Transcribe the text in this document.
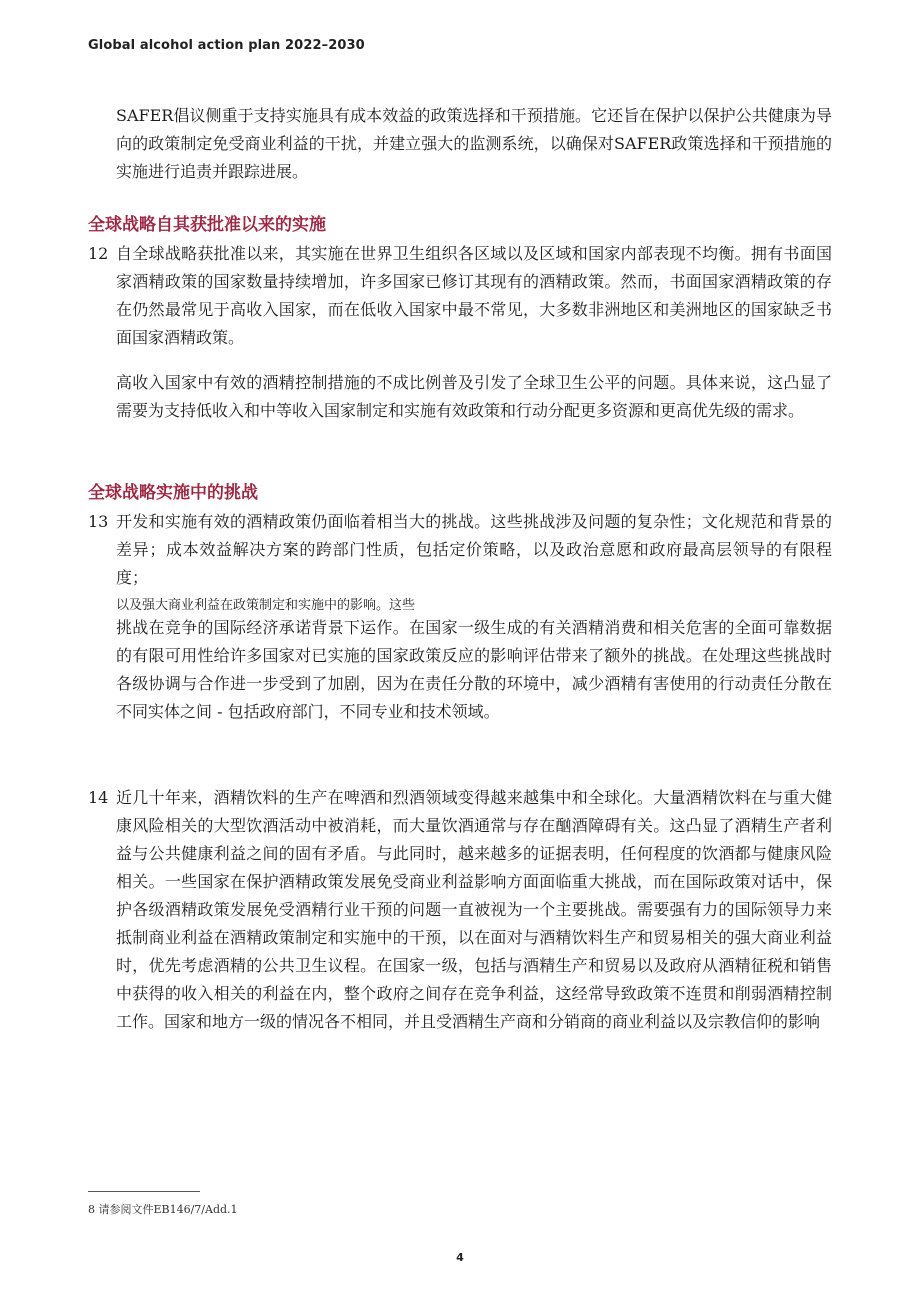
Global alcohol action plan 2022–2030

SAFER倡议侧重于支持实施具有成本效益的政策选择和干预措施。它还旨在保护以保护公共健康为导向的政策制定免受商业利益的干扰，并建立强大的监测系统，以确保对SAFER政策选择和干预措施的实施进行追责并跟踪进展。

全球战略自其获批准以来的实施

12 自全球战略获批准以来，其实施在世界卫生组织各区域以及区域和国家内部表现不均衡。拥有书面国家酒精政策的国家数量持续增加，许多国家已修订其现有的酒精政策。然而，书面国家酒精政策的存在仍然最常见于高收入国家，而在低收入国家中最不常见，大多数非洲地区和美洲地区的国家缺乏书面国家酒精政策。

高收入国家中有效的酒精控制措施的不成比例普及引发了全球卫生公平的问题。具体来说，这凸显了需要为支持低收入和中等收入国家制定和实施有效政策和行动分配更多资源和更高优先级的需求。

全球战略实施中的挑战

13 开发和实施有效的酒精政策仍面临着相当大的挑战。这些挑战涉及问题的复杂性；文化规范和背景的差异；成本效益解决方案的跨部门性质，包括定价策略，以及政治意愿和政府最高层领导的有限程度；

以及强大商业利益在政策制定和实施中的影响。这些

挑战在竞争的国际经济承诺背景下运作。在国家一级生成的有关酒精消费和相关危害的全面可靠数据的有限可用性给许多国家对已实施的国家政策反应的影响评估带来了额外的挑战。在处理这些挑战时各级协调与合作进一步受到了加剧，因为在责任分散的环境中，减少酒精有害使用的行动责任分散在不同实体之间 - 包括政府部门，不同专业和技术领域。

14 近几十年来，酒精饮料的生产在啤酒和烈酒领域变得越来越集中和全球化。大量酒精饮料在与重大健康风险相关的大型饮酒活动中被消耗，而大量饮酒通常与存在酗酒障碍有关。这凸显了酒精生产者利益与公共健康利益之间的固有矛盾。与此同时，越来越多的证据表明，任何程度的饮酒都与健康风险相关。一些国家在保护酒精政策发展免受商业利益影响方面面临重大挑战，而在国际政策对话中，保护各级酒精政策发展免受酒精行业干预的问题一直被视为一个主要挑战。需要强有力的国际领导力来抵制商业利益在酒精政策制定和实施中的干预，以在面对与酒精饮料生产和贸易相关的强大商业利益时，优先考虑酒精的公共卫生议程。在国家一级，包括与酒精生产和贸易以及政府从酒精征税和销售中获得的收入相关的利益在内，整个政府之间存在竞争利益，这经常导致政策不连贯和削弱酒精控制工作。国家和地方一级的情况各不相同，并且受酒精生产商和分销商的商业利益以及宗教信仰的影响

8 请参阅文件EB146/7/Add.1
4
